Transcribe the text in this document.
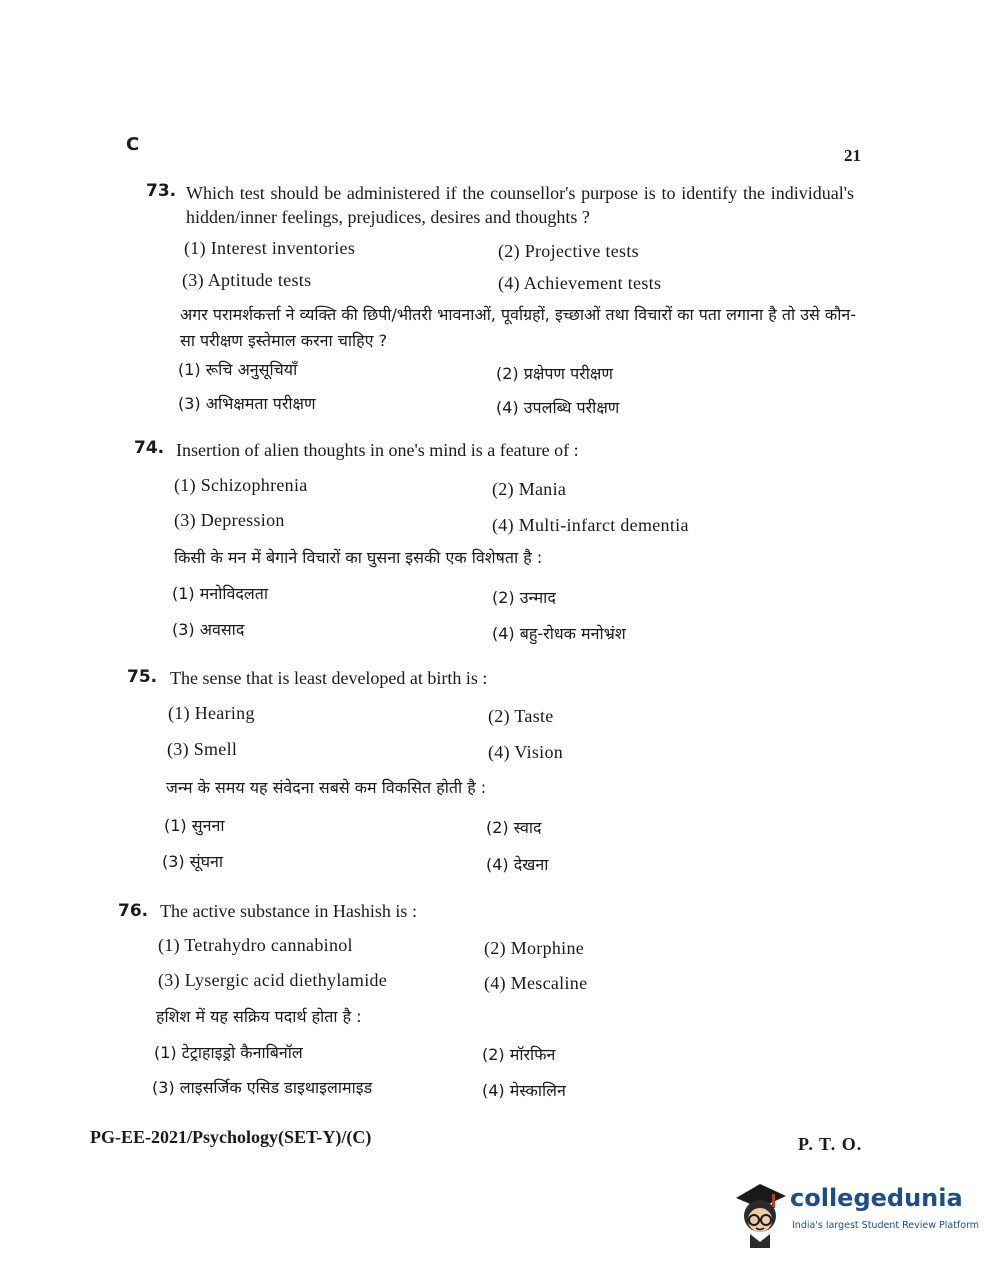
C
21
73. Which test should be administered if the counsellor's purpose is to identify the individual's hidden/inner feelings, prejudices, desires and thoughts ?
(1) Interest inventories	(2) Projective tests
(3) Aptitude tests	(4) Achievement tests
अगर परामर्शकर्त्ता ने व्यक्ति की छिपी/भीतरी भावनाओं, पूर्वाग्रहों, इच्छाओं तथा विचारों का पता लगाना है तो उसे कौन-सा परीक्षण इस्तेमाल करना चाहिए ?
(1) रूचि अनुसूचियाँ	(2) प्रक्षेपण परीक्षण
(3) अभिक्षमता परीक्षण	(4) उपलब्धि परीक्षण
74. Insertion of alien thoughts in one's mind is a feature of :
(1) Schizophrenia	(2) Mania
(3) Depression	(4) Multi-infarct dementia
किसी के मन में बेगाने विचारों का घुसना इसकी एक विशेषता है :
(1) मनोविदलता	(2) उन्माद
(3) अवसाद	(4) बहु-रोधक मनोभ्रंश
75. The sense that is least developed at birth is :
(1) Hearing	(2) Taste
(3) Smell	(4) Vision
जन्म के समय यह संवेदना सबसे कम विकसित होती है :
(1) सुनना	(2) स्वाद
(3) सूंघना	(4) देखना
76. The active substance in Hashish is :
(1) Tetrahydro cannabinol	(2) Morphine
(3) Lysergic acid diethylamide	(4) Mescaline
हशिश में यह सक्रिय पदार्थ होता है :
(1) टेट्राहाइड्रो कैनाबिनॉल	(2) मॉरफिन
(3) लाइसर्जिक एसिड डाइथाइलामाइड	(4) मेस्कालिन
PG-EE-2021/Psychology(SET-Y)/(C)	P. T. O.
collegedunia
India's largest Student Review Platform
